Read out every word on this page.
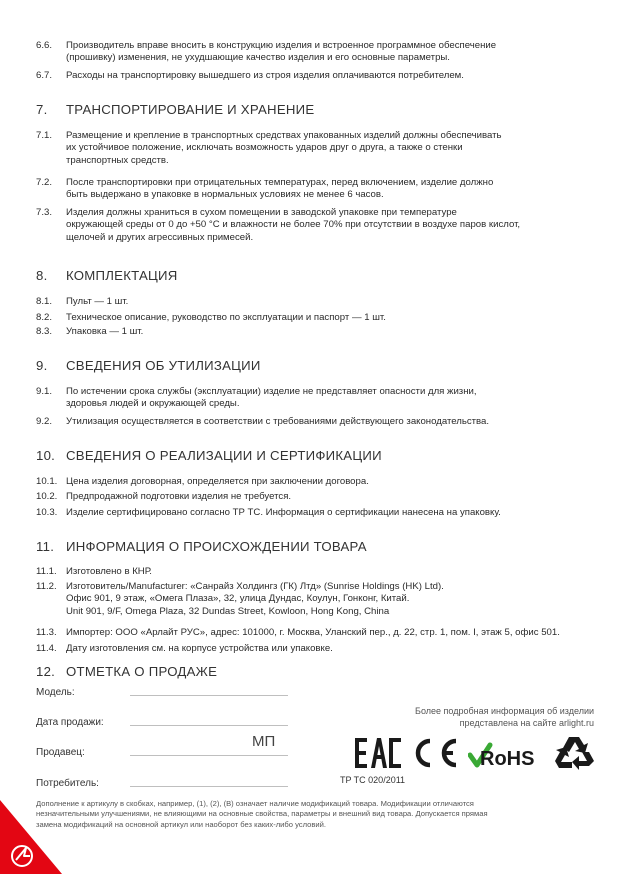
6.6.	Производитель вправе вносить в конструкцию изделия и встроенное программное обеспечение
(прошивку) изменения, не ухудшающие качество изделия и его основные параметры.
6.7.	Расходы на транспортировку вышедшего из строя изделия оплачиваются потребителем.
7.	ТРАНСПОРТИРОВАНИЕ И ХРАНЕНИЕ
7.1.	Размещение и крепление в транспортных средствах упакованных изделий должны обеспечивать
их устойчивое положение, исключать возможность ударов друг о друга, а также о стенки
транспортных средств.
7.2.	После транспортировки при отрицательных температурах, перед включением, изделие должно
быть выдержано в упаковке в нормальных условиях не менее 6 часов.
7.3.	Изделия должны храниться в сухом помещении в заводской упаковке при температуре
окружающей среды от 0 до +50 °C и влажности не более 70% при отсутствии в воздухе паров кислот,
щелочей и других агрессивных примесей.
8.	КОМПЛЕКТАЦИЯ
8.1.	Пульт — 1 шт.
8.2.	Техническое описание, руководство по эксплуатации и паспорт — 1 шт.
8.3.	Упаковка — 1 шт.
9.	СВЕДЕНИЯ ОБ УТИЛИЗАЦИИ
9.1.	По истечении срока службы (эксплуатации) изделие не представляет опасности для жизни,
здоровья людей и окружающей среды.
9.2.	Утилизация осуществляется в соответствии с требованиями действующего законодательства.
10. СВЕДЕНИЯ О РЕАЛИЗАЦИИ И СЕРТИФИКАЦИИ
10.1. Цена изделия договорная, определяется при заключении договора.
10.2. Предпродажной подготовки изделия не требуется.
10.3. Изделие сертифицировано согласно ТР ТС. Информация о сертификации нанесена на упаковку.
11. ИНФОРМАЦИЯ О ПРОИСХОЖДЕНИИ ТОВАРА
11.1. Изготовлено в КНР.
11.2. Изготовитель/Manufacturer: «Санрайз Холдингз (ГК) Лтд» (Sunrise Holdings (HK) Ltd).
Офис 901, 9 этаж, «Омега Плаза», 32, улица Дундас, Коулун, Гонконг, Китай.
Unit 901, 9/F, Omega Plaza, 32 Dundas Street, Kowloon, Hong Kong, China
11.3. Импортер: ООО «Арлайт РУС», адрес: 101000, г. Москва, Уланский пер., д. 22, стр. 1, пом. I, этаж 5, офис 501.
11.4. Дату изготовления см. на корпусе устройства или упаковке.
12. ОТМЕТКА О ПРОДАЖЕ
Модель:
Дата продажи:
Продавец:
МП
Потребитель:
Более подробная информация об изделии
представлена на сайте arlight.ru
TP TC 020/2011
RoHS
Дополнение к артикулу в скобках, например, (1), (2), (B) означает наличие модификаций товара. Модификации отличаются
незначительными улучшениями, не влияющими на основные свойства, параметры и внешний вид товара. Допускается прямая
замена модификаций на основной артикул или наоборот без каких-либо условий.
